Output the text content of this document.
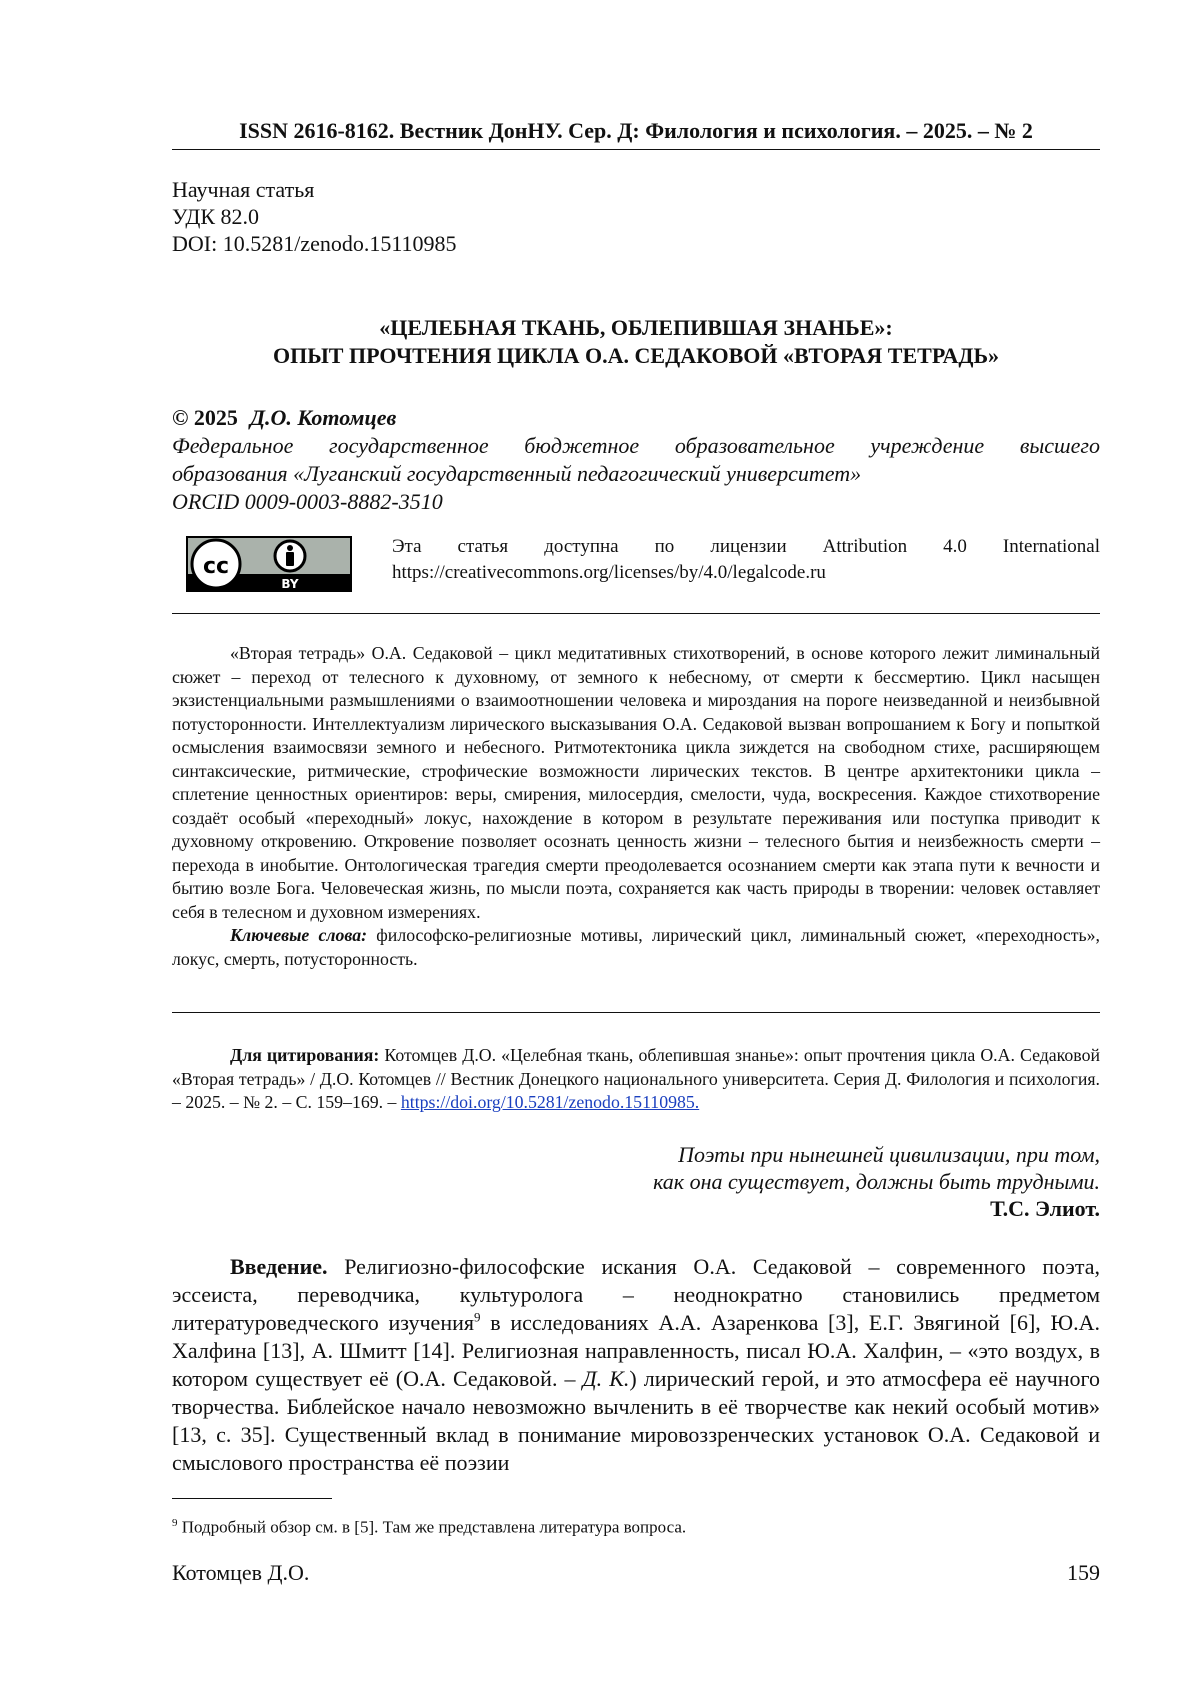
ISSN 2616-8162. Вестник ДонНУ. Сер. Д: Филология и психология. – 2025. – № 2
Научная статья
УДК 82.0
DOI: 10.5281/zenodo.15110985
«ЦЕЛЕБНАЯ ТКАНЬ, ОБЛЕПИВШАЯ ЗНАНЬЕ»:
ОПЫТ ПРОЧТЕНИЯ ЦИКЛА О.А. СЕДАКОВОЙ «ВТОРАЯ ТЕТРАДЬ»
© 2025 Д.О. Котомцев
Федеральное государственное бюджетное образовательное учреждение высшего
образования «Луганский государственный педагогический университет»
ORCID 0009-0003-8882-3510
cc
BY
Эта статья доступна по лицензии Attribution 4.0 International
https://creativecommons.org/licenses/by/4.0/legalcode.ru

«Вторая тетрадь» О.А. Седаковой – цикл медитативных стихотворений, в основе которого лежит лиминальный сюжет – переход от телесного к духовному, от земного к небесному, от смерти к бессмертию. Цикл насыщен экзистенциальными размышлениями о взаимоотношении человека и мироздания на пороге неизведанной и неизбывной потусторонности. Интеллектуализм лирического высказывания О.А. Седаковой вызван вопрошанием к Богу и попыткой осмысления взаимосвязи земного и небесного. Ритмотектоника цикла зиждется на свободном стихе, расширяющем синтаксические, ритмические, строфические возможности лирических текстов. В центре архитектоники цикла – сплетение ценностных ориентиров: веры, смирения, милосердия, смелости, чуда, воскресения. Каждое стихотворение создаёт особый «переходный» локус, нахождение в котором в результате переживания или поступка приводит к духовному откровению. Откровение позволяет осознать ценность жизни – телесного бытия и неизбежность смерти – перехода в инобытие. Онтологическая трагедия смерти преодолевается осознанием смерти как этапа пути к вечности и бытию возле Бога. Человеческая жизнь, по мысли поэта, сохраняется как часть природы в творении: человек оставляет себя в телесном и духовном измерениях.

Ключевые слова: философско-религиозные мотивы, лирический цикл, лиминальный сюжет, «переходность», локус, смерть, потусторонность.

Для цитирования: Котомцев Д.О. «Целебная ткань, облепившая знанье»: опыт прочтения цикла О.А. Седаковой «Вторая тетрадь» / Д.О. Котомцев // Вестник Донецкого национального университета. Серия Д. Филология и психология. – 2025. – № 2. – С. 159–169. – https://doi.org/10.5281/zenodo.15110985.

Поэты при нынешней цивилизации, при том,
как она существует, должны быть трудными.
Т.С. Элиот.

Введение. Религиозно-философские искания О.А. Седаковой – современного поэта, эссеиста, переводчика, культуролога – неоднократно становились предметом литературоведческого изучения$^9$ в исследованиях А.А. Азаренкова [3], Е.Г. Звягиной [6], Ю.А. Халфина [13], А. Шмитт [14]. Религиозная направленность, писал Ю.А. Халфин, – «это воздух, в котором существует её (О.А. Седаковой. – Д. К.) лирический герой, и это атмосфера её научного творчества. Библейское начало невозможно вычленить в её творчестве как некий особый мотив» [13, с. 35]. Существенный вклад в понимание мировоззренческих установок О.А. Седаковой и смыслового пространства её поэзии

$^9$ Подробный обзор см. в [5]. Там же представлена литература вопроса.
Котомцев Д.О.	159
